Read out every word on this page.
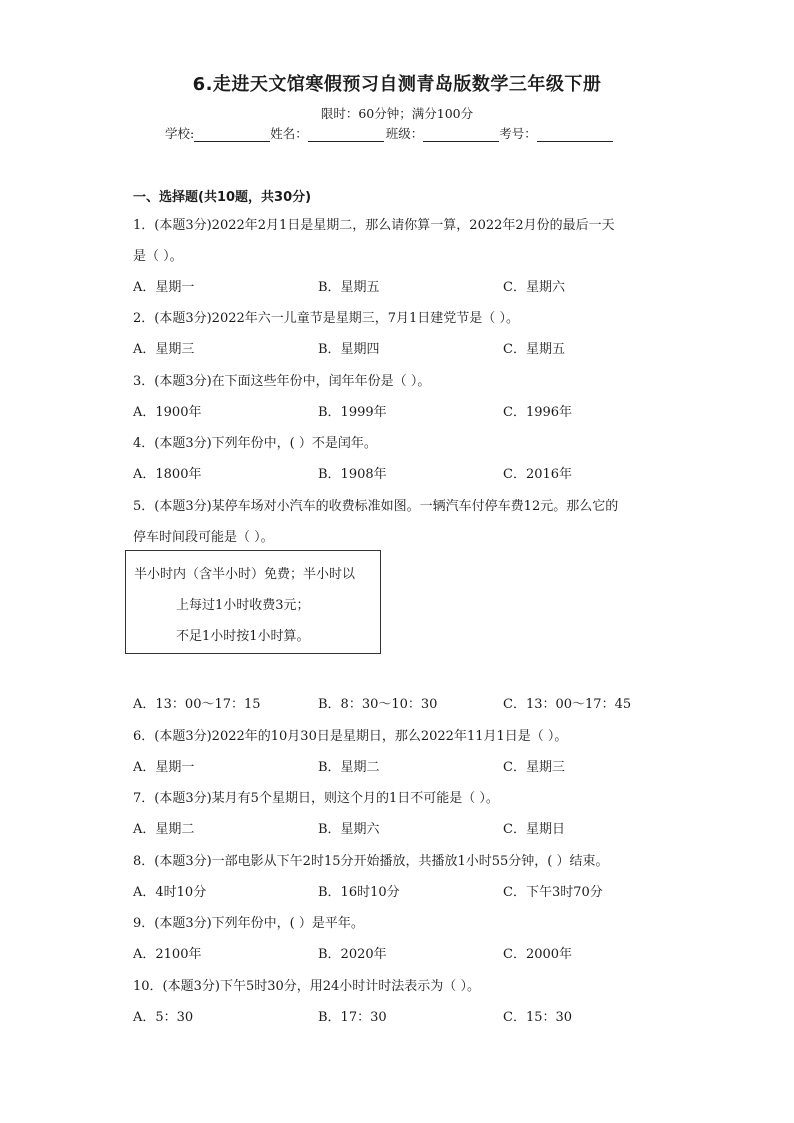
6.走进天文馆寒假预习自测青岛版数学三年级下册
限时：60分钟；满分100分
学校:	姓名：	班级：	考号：
一、选择题(共10题，共30分)
1．(本题3分)2022年2月1日是星期二，那么请你算一算，2022年2月份的最后一天
是（ ）。
A．星期一	B．星期五	C．星期六
2．(本题3分)2022年六一儿童节是星期三，7月1日建党节是（ ）。
A．星期三	B．星期四	C．星期五
3．(本题3分)在下面这些年份中，闰年年份是（ ）。
A．1900年	B．1999年	C．1996年
4．(本题3分)下列年份中，( ）不是闰年。
A．1800年	B．1908年	C．2016年
5．(本题3分)某停车场对小汽车的收费标准如图。一辆汽车付停车费12元。那么它的
停车时间段可能是（ ）。
半小时内（含半小时）免费；半小时以
上每过1小时收费3元；
不足1小时按1小时算。
A．13：00～17：15	B．8：30～10：30	C．13：00～17：45
6．(本题3分)2022年的10月30日是星期日，那么2022年11月1日是（ ）。
A．星期一	B．星期二	C．星期三
7．(本题3分)某月有5个星期日，则这个月的1日不可能是（ ）。
A．星期二	B．星期六	C．星期日
8．(本题3分)一部电影从下午2时15分开始播放，共播放1小时55分钟，( ）结束。
A．4时10分	B．16时10分	C．下午3时70分
9．(本题3分)下列年份中，( ）是平年。
A．2100年	B．2020年	C．2000年
10．(本题3分)下午5时30分，用24小时计时法表示为（ ）。
A．5：30	B．17：30	C．15：30
